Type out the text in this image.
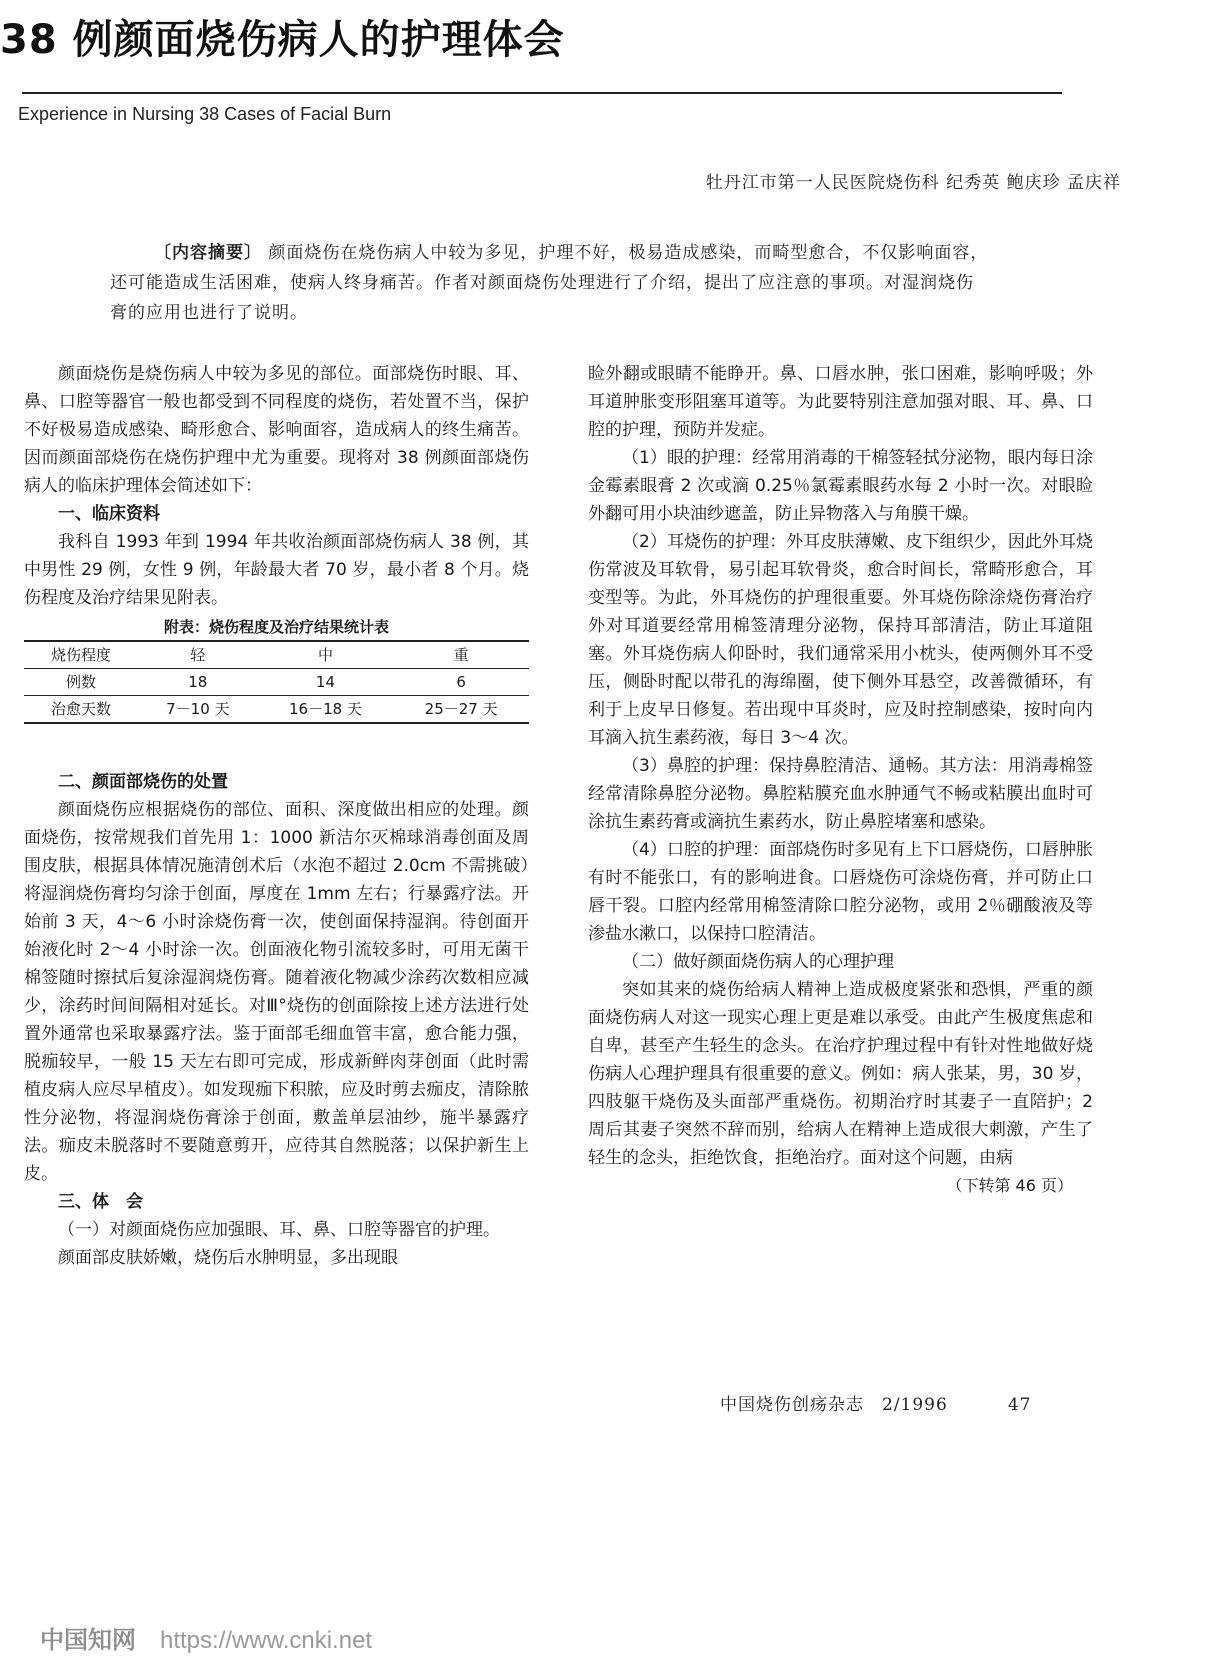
38 例颜面烧伤病人的护理体会
Experience in Nursing 38 Cases of Facial Burn
牡丹江市第一人民医院烧伤科 纪秀英 鲍庆珍 孟庆祥
〔内容摘要〕 颜面烧伤在烧伤病人中较为多见，护理不好，极易造成感染，而畸型愈合，不仅影响面容，还可能造成生活困难，使病人终身痛苦。作者对颜面烧伤处理进行了介绍，提出了应注意的事项。对湿润烧伤膏的应用也进行了说明。

颜面烧伤是烧伤病人中较为多见的部位。面部烧伤时眼、耳、鼻、口腔等器官一般也都受到不同程度的烧伤，若处置不当，保护不好极易造成感染、畸形愈合、影响面容，造成病人的终生痛苦。因而颜面部烧伤在烧伤护理中尤为重要。现将对 38 例颜面部烧伤病人的临床护理体会简述如下：

一、临床资料

我科自 1993 年到 1994 年共收治颜面部烧伤病人 38 例，其中男性 29 例，女性 9 例，年龄最大者 70 岁，最小者 8 个月。烧伤程度及治疗结果见附表。

附表：烧伤程度及治疗结果统计表
烧伤程度	轻	中	重
例数	18	14	6
治愈天数	7－10 天	16－18 天	25－27 天
二、颜面部烧伤的处置

颜面烧伤应根据烧伤的部位、面积、深度做出相应的处理。颜面烧伤，按常规我们首先用 1：1000 新洁尔灭棉球消毒创面及周围皮肤，根据具体情况施清创术后（水泡不超过 2.0cm 不需挑破）将湿润烧伤膏均匀涂于创面，厚度在 1mm 左右；行暴露疗法。开始前 3 天，4～6 小时涂烧伤膏一次，使创面保持湿润。待创面开始液化时 2～4 小时涂一次。创面液化物引流较多时，可用无菌干棉签随时擦拭后复涂湿润烧伤膏。随着液化物减少涂药次数相应减少，涂药时间间隔相对延长。对Ⅲ°烧伤的创面除按上述方法进行处置外通常也采取暴露疗法。鉴于面部毛细血管丰富，愈合能力强，脱痂较早，一般 15 天左右即可完成，形成新鲜肉芽创面（此时需植皮病人应尽早植皮）。如发现痂下积脓，应及时剪去痂皮，清除脓性分泌物，将湿润烧伤膏涂于创面，敷盖单层油纱，施半暴露疗法。痂皮未脱落时不要随意剪开，应待其自然脱落；以保护新生上皮。

三、体　会

（一）对颜面烧伤应加强眼、耳、鼻、口腔等器官的护理。

颜面部皮肤娇嫩，烧伤后水肿明显，多出现眼

睑外翻或眼睛不能睁开。鼻、口唇水肿，张口困难，影响呼吸；外耳道肿胀变形阻塞耳道等。为此要特别注意加强对眼、耳、鼻、口腔的护理，预防并发症。

（1）眼的护理：经常用消毒的干棉签轻拭分泌物，眼内每日涂金霉素眼膏 2 次或滴 0.25％氯霉素眼药水每 2 小时一次。对眼睑外翻可用小块油纱遮盖，防止异物落入与角膜干燥。

（2）耳烧伤的护理：外耳皮肤薄嫩、皮下组织少，因此外耳烧伤常波及耳软骨，易引起耳软骨炎，愈合时间长，常畸形愈合，耳变型等。为此，外耳烧伤的护理很重要。外耳烧伤除涂烧伤膏治疗外对耳道要经常用棉签清理分泌物，保持耳部清洁，防止耳道阻塞。外耳烧伤病人仰卧时，我们通常采用小枕头，使两侧外耳不受压，侧卧时配以带孔的海绵圈，使下侧外耳悬空，改善微循环，有利于上皮早日修复。若出现中耳炎时，应及时控制感染，按时向内耳滴入抗生素药液，每日 3～4 次。

（3）鼻腔的护理：保持鼻腔清洁、通畅。其方法：用消毒棉签经常清除鼻腔分泌物。鼻腔粘膜充血水肿通气不畅或粘膜出血时可涂抗生素药膏或滴抗生素药水，防止鼻腔堵塞和感染。

（4）口腔的护理：面部烧伤时多见有上下口唇烧伤，口唇肿胀有时不能张口，有的影响进食。口唇烧伤可涂烧伤膏，并可防止口唇干裂。口腔内经常用棉签清除口腔分泌物，或用 2％硼酸液及等渗盐水漱口，以保持口腔清洁。

（二）做好颜面烧伤病人的心理护理

突如其来的烧伤给病人精神上造成极度紧张和恐惧，严重的颜面烧伤病人对这一现实心理上更是难以承受。由此产生极度焦虑和自卑，甚至产生轻生的念头。在治疗护理过程中有针对性地做好烧伤病人心理护理具有很重要的意义。例如：病人张某，男，30 岁，四肢躯干烧伤及头面部严重烧伤。初期治疗时其妻子一直陪护；2 周后其妻子突然不辞而别，给病人在精神上造成很大刺激，产生了轻生的念头，拒绝饮食，拒绝治疗。面对这个问题，由病

（下转第 46 页）
中国烧伤创疡杂志　2/1996	47
中国知网 https://www.cnki.net
